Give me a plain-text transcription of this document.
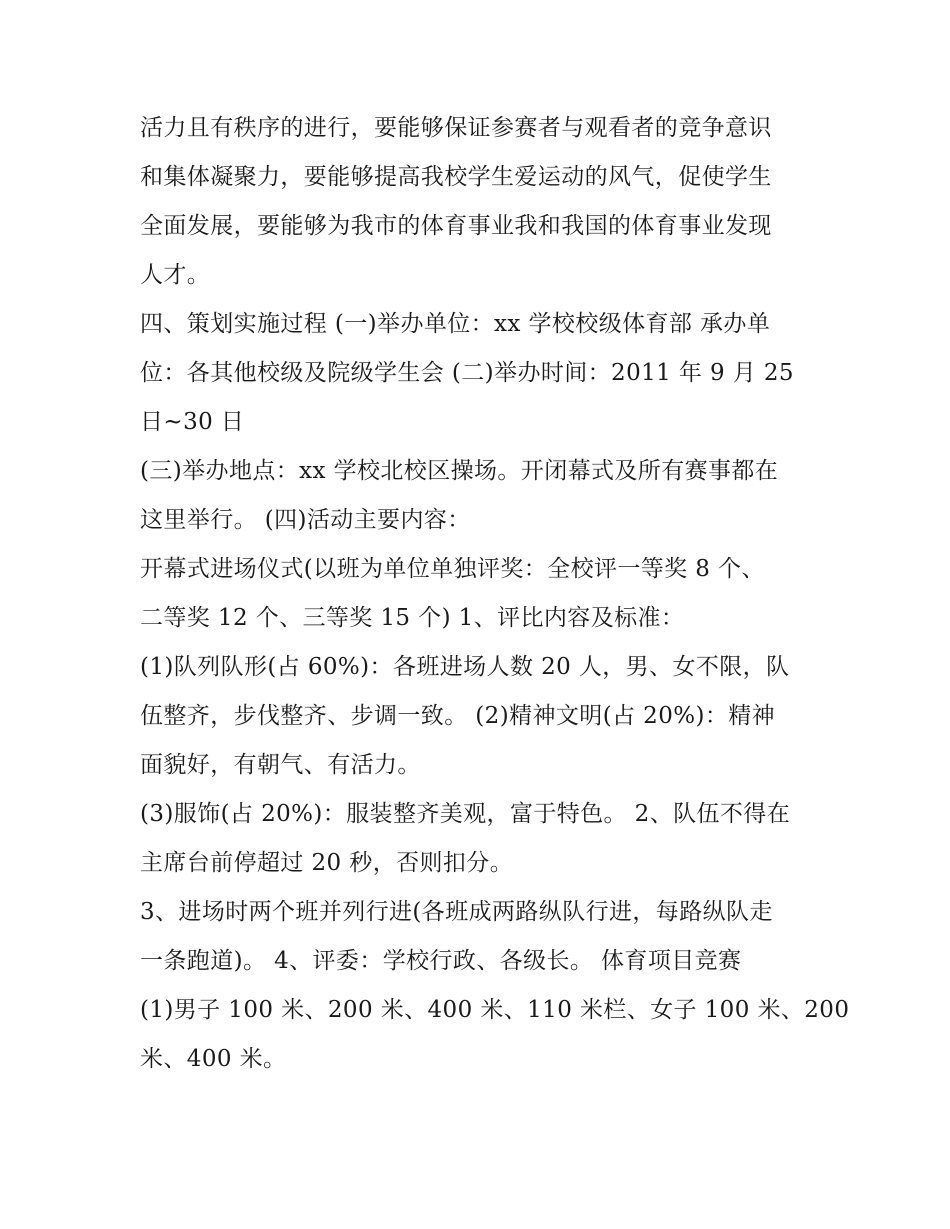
活力且有秩序的进行，要能够保证参赛者与观看者的竞争意识

和集体凝聚力，要能够提高我校学生爱运动的风气，促使学生

全面发展，要能够为我市的体育事业我和我国的体育事业发现

人才。

四、策划实施过程 (一)举办单位：xx 学校校级体育部 承办单

位：各其他校级及院级学生会 (二)举办时间：2011 年 9 月 25

日~30 日

(三)举办地点：xx 学校北校区操场。开闭幕式及所有赛事都在

这里举行。 (四)活动主要内容：

开幕式进场仪式(以班为单位单独评奖：全校评一等奖 8 个、

二等奖 12 个、三等奖 15 个) 1、评比内容及标准：

(1)队列队形(占 60%)：各班进场人数 20 人，男、女不限，队

伍整齐，步伐整齐、步调一致。 (2)精神文明(占 20%)：精神

面貌好，有朝气、有活力。

(3)服饰(占 20%)：服装整齐美观，富于特色。 2、队伍不得在

主席台前停超过 20 秒，否则扣分。

3、进场时两个班并列行进(各班成两路纵队行进，每路纵队走

一条跑道)。 4、评委：学校行政、各级长。 体育项目竞赛

(1)男子 100 米、200 米、400 米、110 米栏、女子 100 米、200

米、400 米。
